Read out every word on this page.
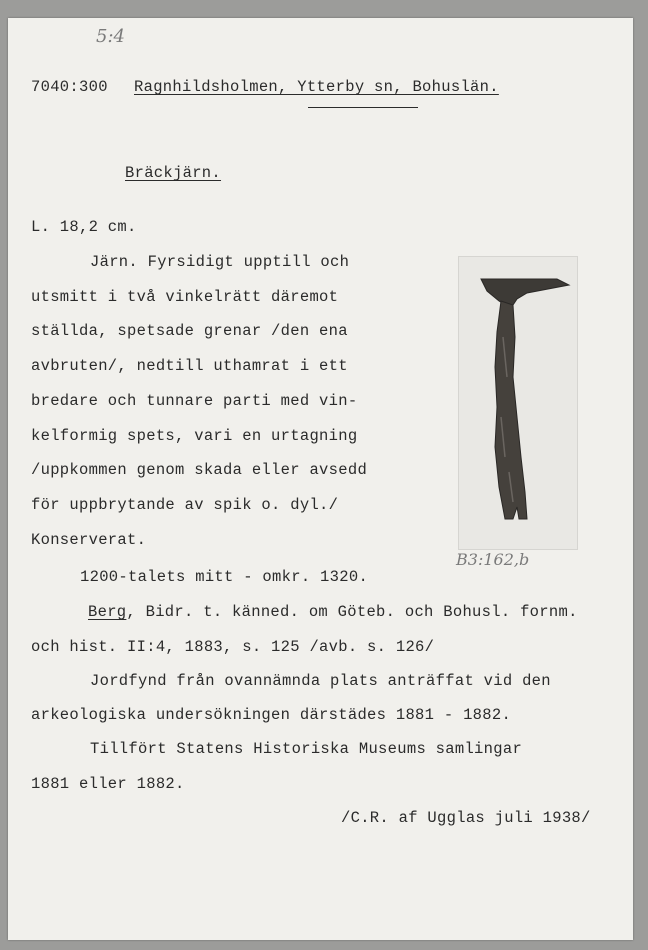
5:4
7040:300 Ragnhildsholmen, Ytterby sn, Bohuslän.
Bräckjärn.
L. 18,2 cm.
Järn. Fyrsidigt upptill och
utsmitt i två vinkelrätt däremot
ställda, spetsade grenar /den ena
avbruten/, nedtill uthamrat i ett
bredare och tunnare parti med vin-
kelformig spets, vari en urtagning
/uppkommen genom skada eller avsedd
för uppbrytande av spik o. dyl./
Konserverat.
B3:162,b
1200-talets mitt - omkr. 1320.
Berg, Bidr. t. känned. om Göteb. och Bohusl. fornm.
och hist. II:4, 1883, s. 125 /avb. s. 126/
Jordfynd från ovannämnda plats anträffat vid den
arkeologiska undersökningen därstädes 1881 - 1882.
Tillfört Statens Historiska Museums samlingar
1881 eller 1882.
/C.R. af Ugglas juli 1938/
